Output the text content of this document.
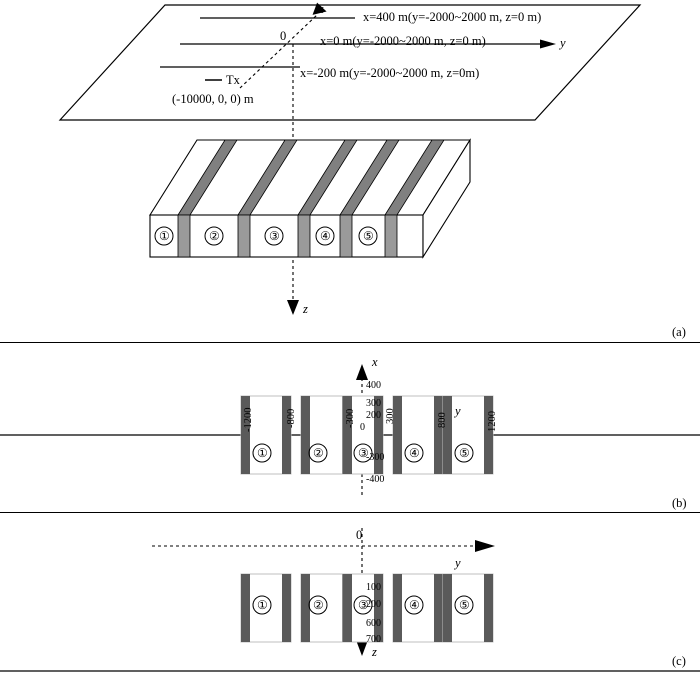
x
y
z
0
x=400 m(y=-2000~2000 m, z=0 m)
x=0 m(y=-2000~2000 m, z=0 m)
x=-200 m(y=-2000~2000 m, z=0m)
Tx
(-10000, 0, 0) m
①	②	③	④	⑤
(a)
x
y
400
300
200
0
-300
-400
-1200	-800	-300	300	800	1200
①	②	③	④	⑤
(b)
0
y
z
100
200
600
700
①	②	③	④	⑤
(c)
